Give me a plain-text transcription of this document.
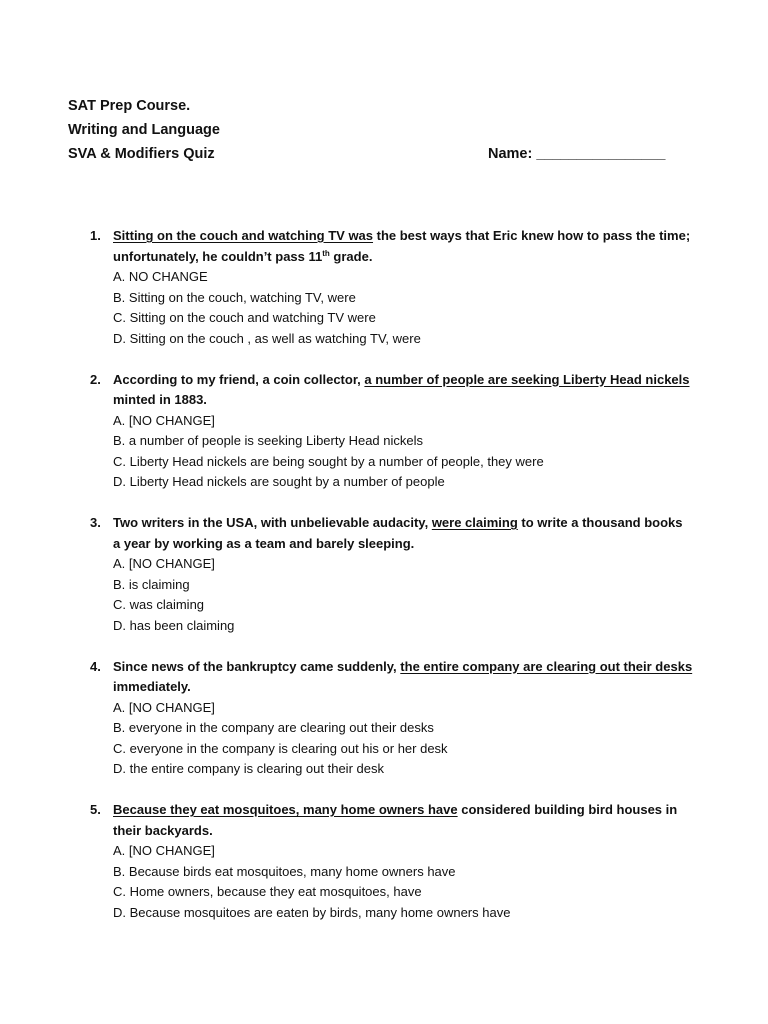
SAT Prep Course.
Writing and Language
SVA & Modifiers Quiz	Name: ________________
1. Sitting on the couch and watching TV was the best ways that Eric knew how to pass the time;
unfortunately, he couldn’t pass 11th grade.
A. NO CHANGE
B. Sitting on the couch, watching TV, were
C. Sitting on the couch and watching TV were
D. Sitting on the couch , as well as watching TV, were
2. According to my friend, a coin collector, a number of people are seeking Liberty Head nickels
minted in 1883.
A. [NO CHANGE]
B. a number of people is seeking Liberty Head nickels
C. Liberty Head nickels are being sought by a number of people, they were
D. Liberty Head nickels are sought by a number of people
3. Two writers in the USA, with unbelievable audacity, were claiming to write a thousand books
a year by working as a team and barely sleeping.
A. [NO CHANGE]
B. is claiming
C. was claiming
D. has been claiming
4. Since news of the bankruptcy came suddenly, the entire company are clearing out their desks
immediately.
A. [NO CHANGE]
B. everyone in the company are clearing out their desks
C. everyone in the company is clearing out his or her desk
D. the entire company is clearing out their desk
5. Because they eat mosquitoes, many home owners have considered building bird houses in
their backyards.
A. [NO CHANGE]
B. Because birds eat mosquitoes, many home owners have
C. Home owners, because they eat mosquitoes, have
D. Because mosquitoes are eaten by birds, many home owners have
